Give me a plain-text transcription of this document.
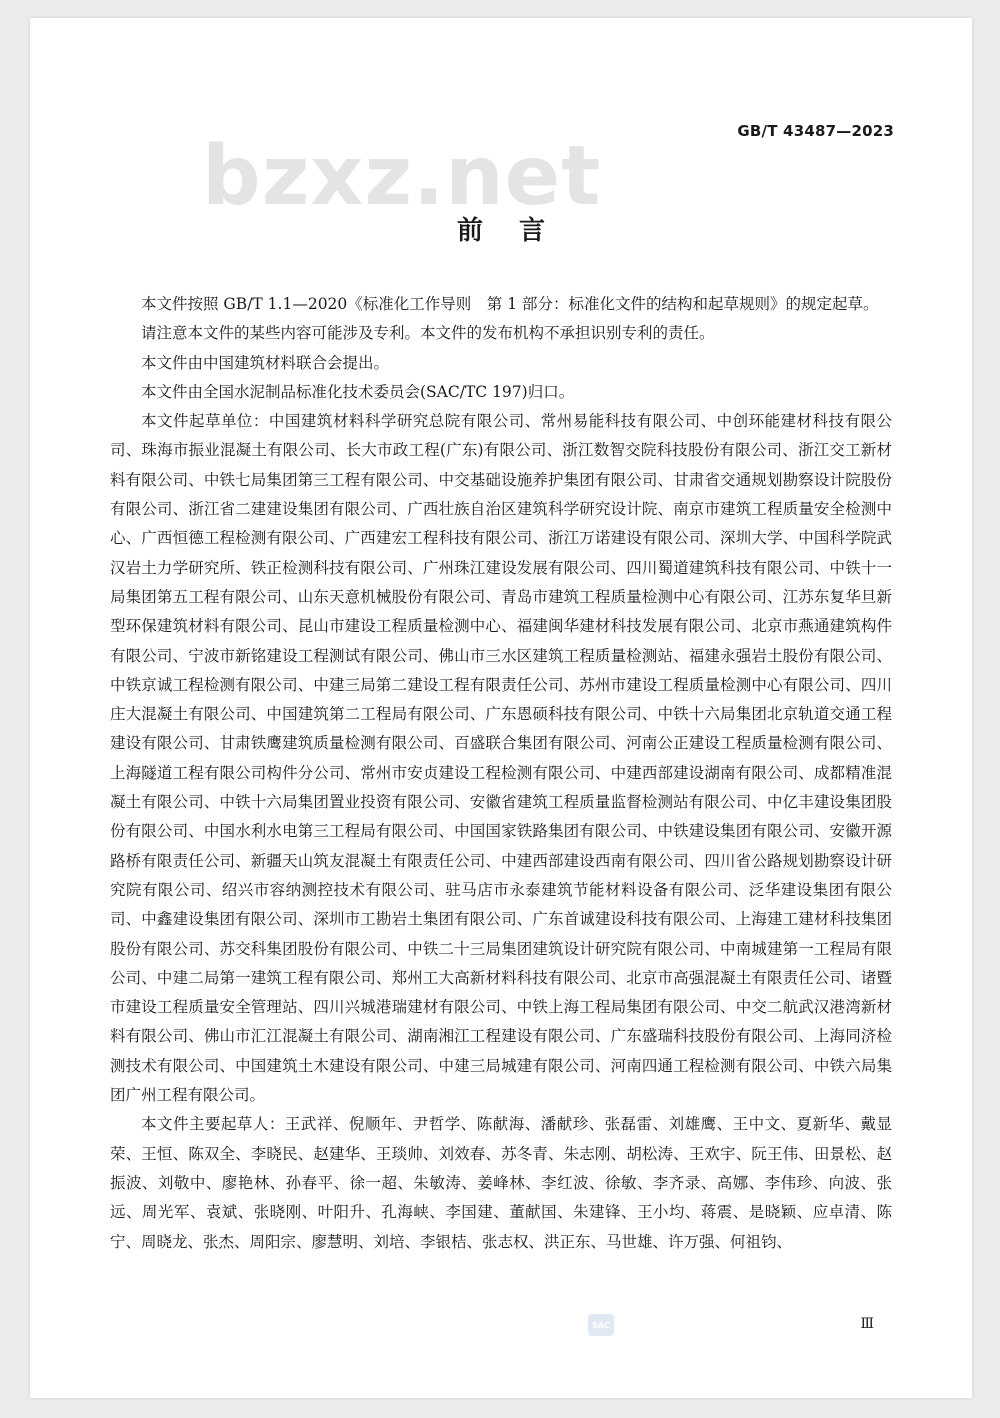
bzxz.net	GB/T 43487—2023
前言

本文件按照 GB/T 1.1—2020《标准化工作导则　第 1 部分：标准化文件的结构和起草规则》的规定起草。

请注意本文件的某些内容可能涉及专利。本文件的发布机构不承担识别专利的责任。

本文件由中国建筑材料联合会提出。

本文件由全国水泥制品标准化技术委员会(SAC/TC 197)归口。

本文件起草单位：中国建筑材料科学研究总院有限公司、常州易能科技有限公司、中创环能建材科技有限公司、珠海市振业混凝土有限公司、长大市政工程(广东)有限公司、浙江数智交院科技股份有限公司、浙江交工新材料有限公司、中铁七局集团第三工程有限公司、中交基础设施养护集团有限公司、甘肃省交通规划勘察设计院股份有限公司、浙江省二建建设集团有限公司、广西壮族自治区建筑科学研究设计院、南京市建筑工程质量安全检测中心、广西恒德工程检测有限公司、广西建宏工程科技有限公司、浙江万诺建设有限公司、深圳大学、中国科学院武汉岩土力学研究所、铁正检测科技有限公司、广州珠江建设发展有限公司、四川蜀道建筑科技有限公司、中铁十一局集团第五工程有限公司、山东天意机械股份有限公司、青岛市建筑工程质量检测中心有限公司、江苏东复华旦新型环保建筑材料有限公司、昆山市建设工程质量检测中心、福建闽华建材科技发展有限公司、北京市燕通建筑构件有限公司、宁波市新铭建设工程测试有限公司、佛山市三水区建筑工程质量检测站、福建永强岩土股份有限公司、中铁京诚工程检测有限公司、中建三局第二建设工程有限责任公司、苏州市建设工程质量检测中心有限公司、四川庄大混凝土有限公司、中国建筑第二工程局有限公司、广东恩硕科技有限公司、中铁十六局集团北京轨道交通工程建设有限公司、甘肃铁鹰建筑质量检测有限公司、百盛联合集团有限公司、河南公正建设工程质量检测有限公司、上海隧道工程有限公司构件分公司、常州市安贞建设工程检测有限公司、中建西部建设湖南有限公司、成都精准混凝土有限公司、中铁十六局集团置业投资有限公司、安徽省建筑工程质量监督检测站有限公司、中亿丰建设集团股份有限公司、中国水利水电第三工程局有限公司、中国国家铁路集团有限公司、中铁建设集团有限公司、安徽开源路桥有限责任公司、新疆天山筑友混凝土有限责任公司、中建西部建设西南有限公司、四川省公路规划勘察设计研究院有限公司、绍兴市容纳测控技术有限公司、驻马店市永泰建筑节能材料设备有限公司、泛华建设集团有限公司、中鑫建设集团有限公司、深圳市工勘岩土集团有限公司、广东首诚建设科技有限公司、上海建工建材科技集团股份有限公司、苏交科集团股份有限公司、中铁二十三局集团建筑设计研究院有限公司、中南城建第一工程局有限公司、中建二局第一建筑工程有限公司、郑州工大高新材料科技有限公司、北京市高强混凝土有限责任公司、诸暨市建设工程质量安全管理站、四川兴城港瑞建材有限公司、中铁上海工程局集团有限公司、中交二航武汉港湾新材料有限公司、佛山市汇江混凝土有限公司、湖南湘江工程建设有限公司、广东盛瑞科技股份有限公司、上海同济检测技术有限公司、中国建筑土木建设有限公司、中建三局城建有限公司、河南四通工程检测有限公司、中铁六局集团广州工程有限公司。

本文件主要起草人：王武祥、倪顺年、尹哲学、陈献海、潘献珍、张磊雷、刘雄鹰、王中文、夏新华、戴显荣、王恒、陈双全、李晓民、赵建华、王琰帅、刘效春、苏冬青、朱志刚、胡松涛、王欢宇、阮王伟、田景松、赵振波、刘敬中、廖艳林、孙春平、徐一超、朱敏涛、姜峰林、李红波、徐敏、李齐录、高娜、李伟珍、向波、张远、周光军、袁斌、张晓刚、叶阳升、孔海峡、李国建、董献国、朱建锋、王小均、蒋震、是晓颖、应卓清、陈宁、周晓龙、张杰、周阳宗、廖慧明、刘培、李银桔、张志权、洪正东、马世雄、许万强、何祖钧、

SAC	Ⅲ
